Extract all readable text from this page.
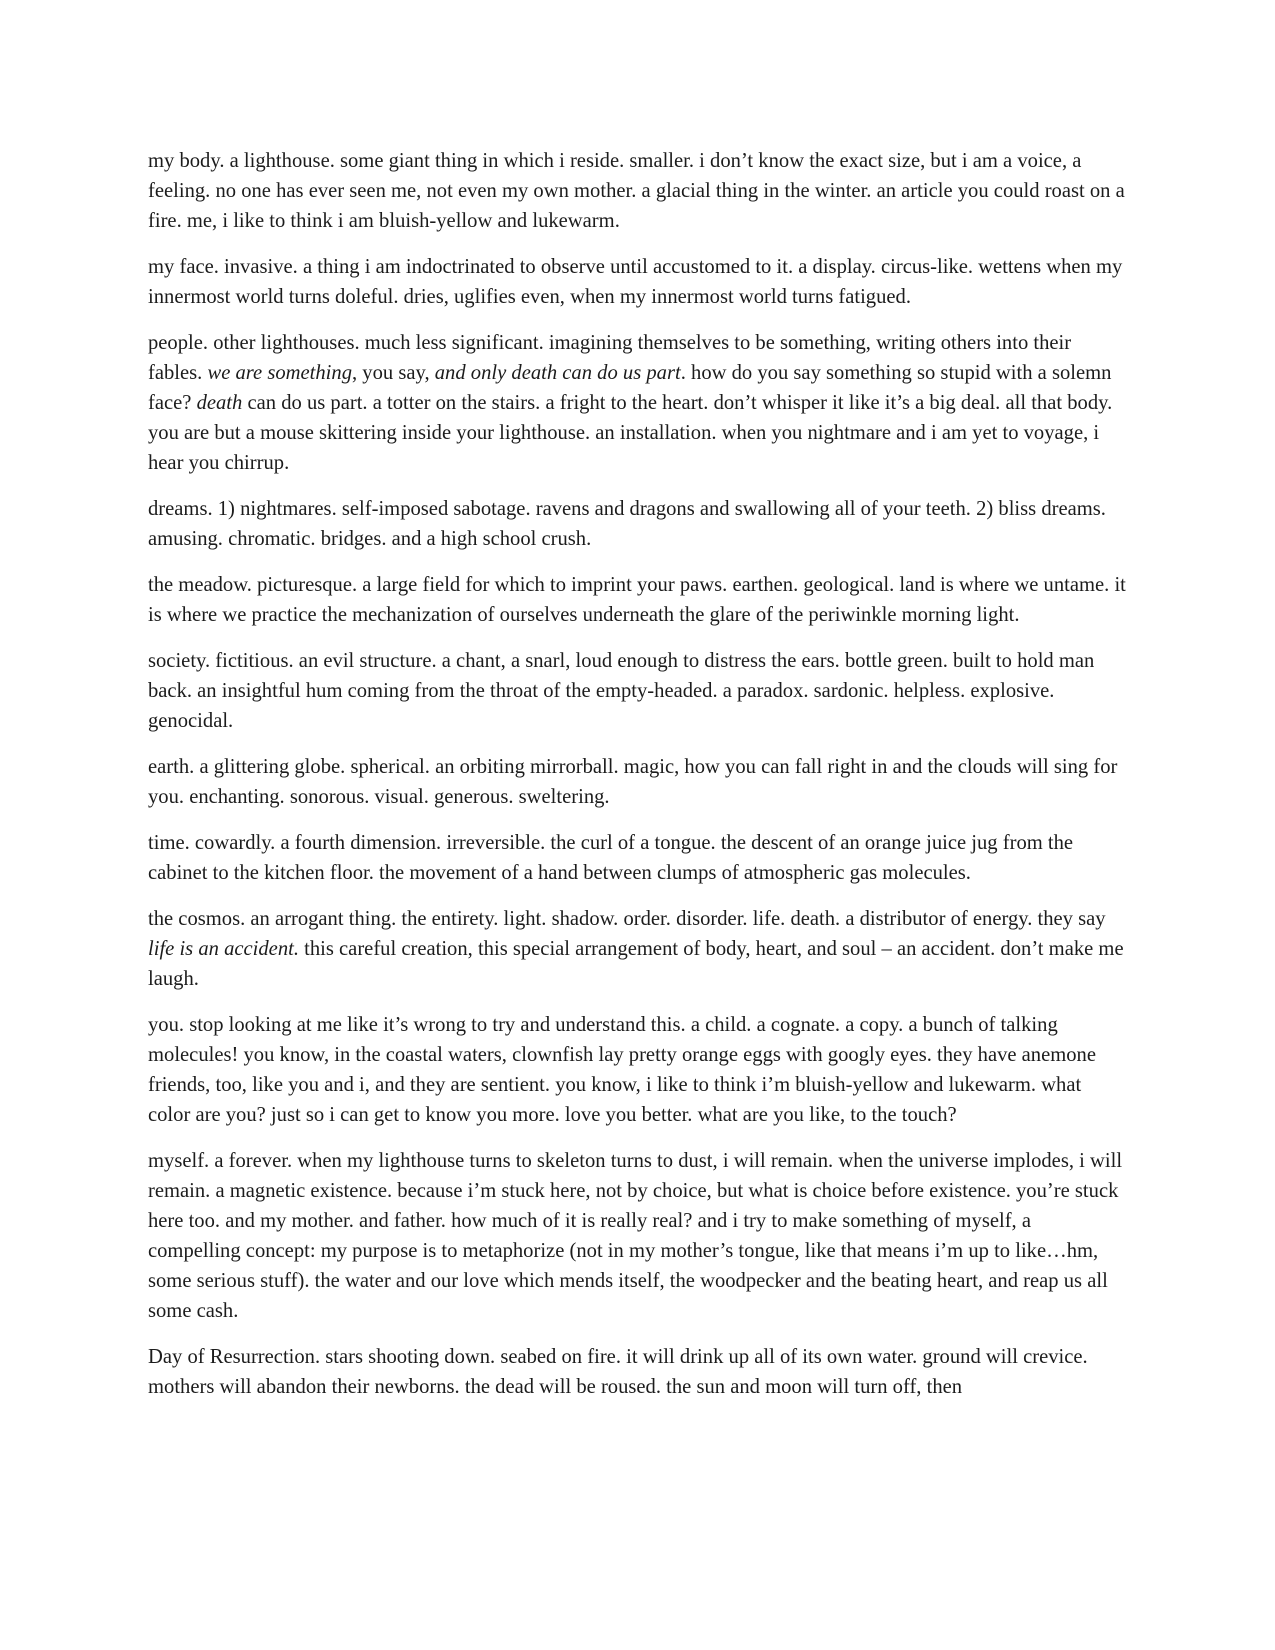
my body. a lighthouse. some giant thing in which i reside. smaller. i don’t know the exact size, but i am a voice, a feeling. no one has ever seen me, not even my own mother. a glacial thing in the winter. an article you could roast on a fire. me, i like to think i am bluish-yellow and lukewarm.

my face. invasive. a thing i am indoctrinated to observe until accustomed to it. a display. circus-like. wettens when my innermost world turns doleful. dries, uglifies even, when my innermost world turns fatigued.

people. other lighthouses. much less significant. imagining themselves to be something, writing others into their fables. we are something, you say, and only death can do us part. how do you say something so stupid with a solemn face? death can do us part. a totter on the stairs. a fright to the heart. don’t whisper it like it’s a big deal. all that body. you are but a mouse skittering inside your lighthouse. an installation. when you nightmare and i am yet to voyage, i hear you chirrup.

dreams. 1) nightmares. self-imposed sabotage. ravens and dragons and swallowing all of your teeth. 2) bliss dreams. amusing. chromatic. bridges. and a high school crush.

the meadow. picturesque. a large field for which to imprint your paws. earthen. geological. land is where we untame. it is where we practice the mechanization of ourselves underneath the glare of the periwinkle morning light.

society. fictitious. an evil structure. a chant, a snarl, loud enough to distress the ears. bottle green. built to hold man back. an insightful hum coming from the throat of the empty-headed. a paradox. sardonic. helpless. explosive. genocidal.

earth. a glittering globe. spherical. an orbiting mirrorball. magic, how you can fall right in and the clouds will sing for you. enchanting. sonorous. visual. generous. sweltering.

time. cowardly. a fourth dimension. irreversible. the curl of a tongue. the descent of an orange juice jug from the cabinet to the kitchen floor. the movement of a hand between clumps of atmospheric gas molecules.

the cosmos. an arrogant thing. the entirety. light. shadow. order. disorder. life. death. a distributor of energy. they say life is an accident. this careful creation, this special arrangement of body, heart, and soul – an accident. don’t make me laugh.

you. stop looking at me like it’s wrong to try and understand this. a child. a cognate. a copy. a bunch of talking molecules! you know, in the coastal waters, clownfish lay pretty orange eggs with googly eyes. they have anemone friends, too, like you and i, and they are sentient. you know, i like to think i’m bluish-yellow and lukewarm. what color are you? just so i can get to know you more. love you better. what are you like, to the touch?

myself. a forever. when my lighthouse turns to skeleton turns to dust, i will remain. when the universe implodes, i will remain. a magnetic existence. because i’m stuck here, not by choice, but what is choice before existence. you’re stuck here too. and my mother. and father. how much of it is really real? and i try to make something of myself, a compelling concept: my purpose is to metaphorize (not in my mother’s tongue, like that means i’m up to like…hm, some serious stuff). the water and our love which mends itself, the woodpecker and the beating heart, and reap us all some cash.

Day of Resurrection. stars shooting down. seabed on fire. it will drink up all of its own water. ground will crevice. mothers will abandon their newborns. the dead will be roused. the sun and moon will turn off, then
